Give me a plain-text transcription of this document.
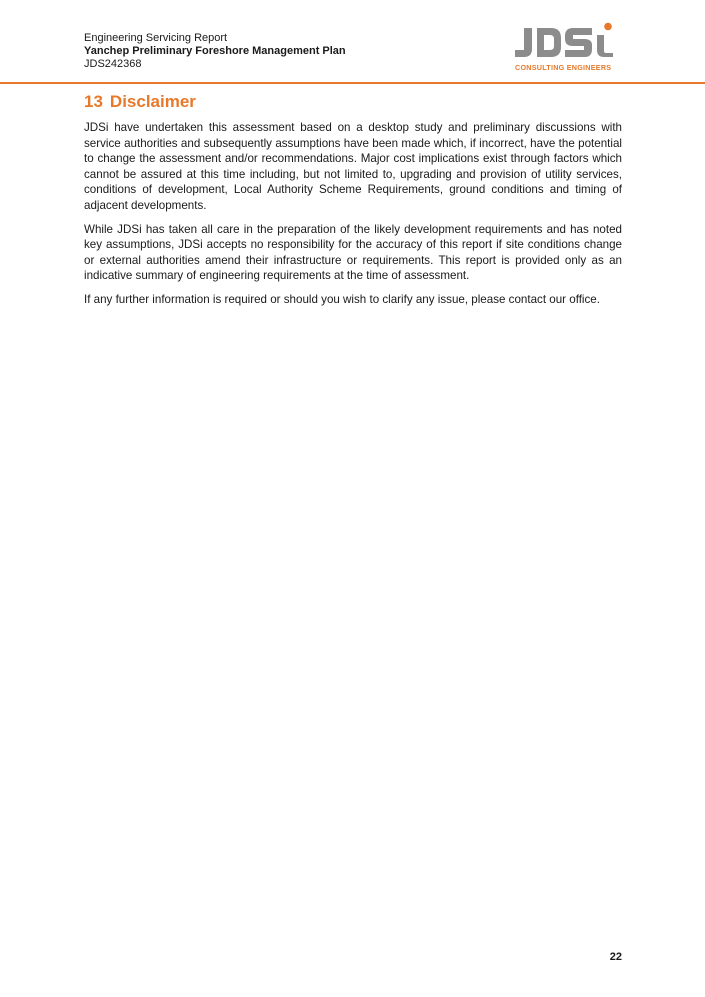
Engineering Servicing Report
Yanchep Preliminary Foreshore Management Plan
JDS242368	CONSULTING ENGINEERS
13 Disclaimer

JDSi have undertaken this assessment based on a desktop study and preliminary discussions with service authorities and subsequently assumptions have been made which, if incorrect, have the potential to change the assessment and/or recommendations. Major cost implications exist through factors which cannot be assured at this time including, but not limited to, upgrading and provision of utility services, conditions of development, Local Authority Scheme Requirements, ground conditions and timing of adjacent developments.

While JDSi has taken all care in the preparation of the likely development requirements and has noted key assumptions, JDSi accepts no responsibility for the accuracy of this report if site conditions change or external authorities amend their infrastructure or requirements. This report is provided only as an indicative summary of engineering requirements at the time of assessment.

If any further information is required or should you wish to clarify any issue, please contact our office.

22
